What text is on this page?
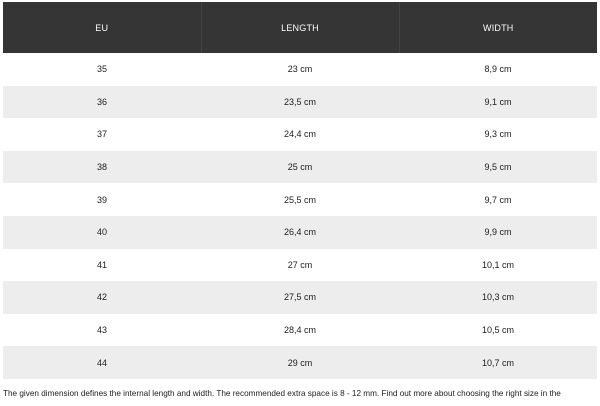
EU	LENGTH	WIDTH
35	23 cm	8,9 cm
36	23,5 cm	9,1 cm
37	24,4 cm	9,3 cm
38	25 cm	9,5 cm
39	25,5 cm	9,7 cm
40	26,4 cm	9,9 cm
41	27 cm	10,1 cm
42	27,5 cm	10,3 cm
43	28,4 cm	10,5 cm
44	29 cm	10,7 cm
The given dimension defines the internal length and width. The recommended extra space is 8 - 12 mm. Find out more about choosing the right size in the
